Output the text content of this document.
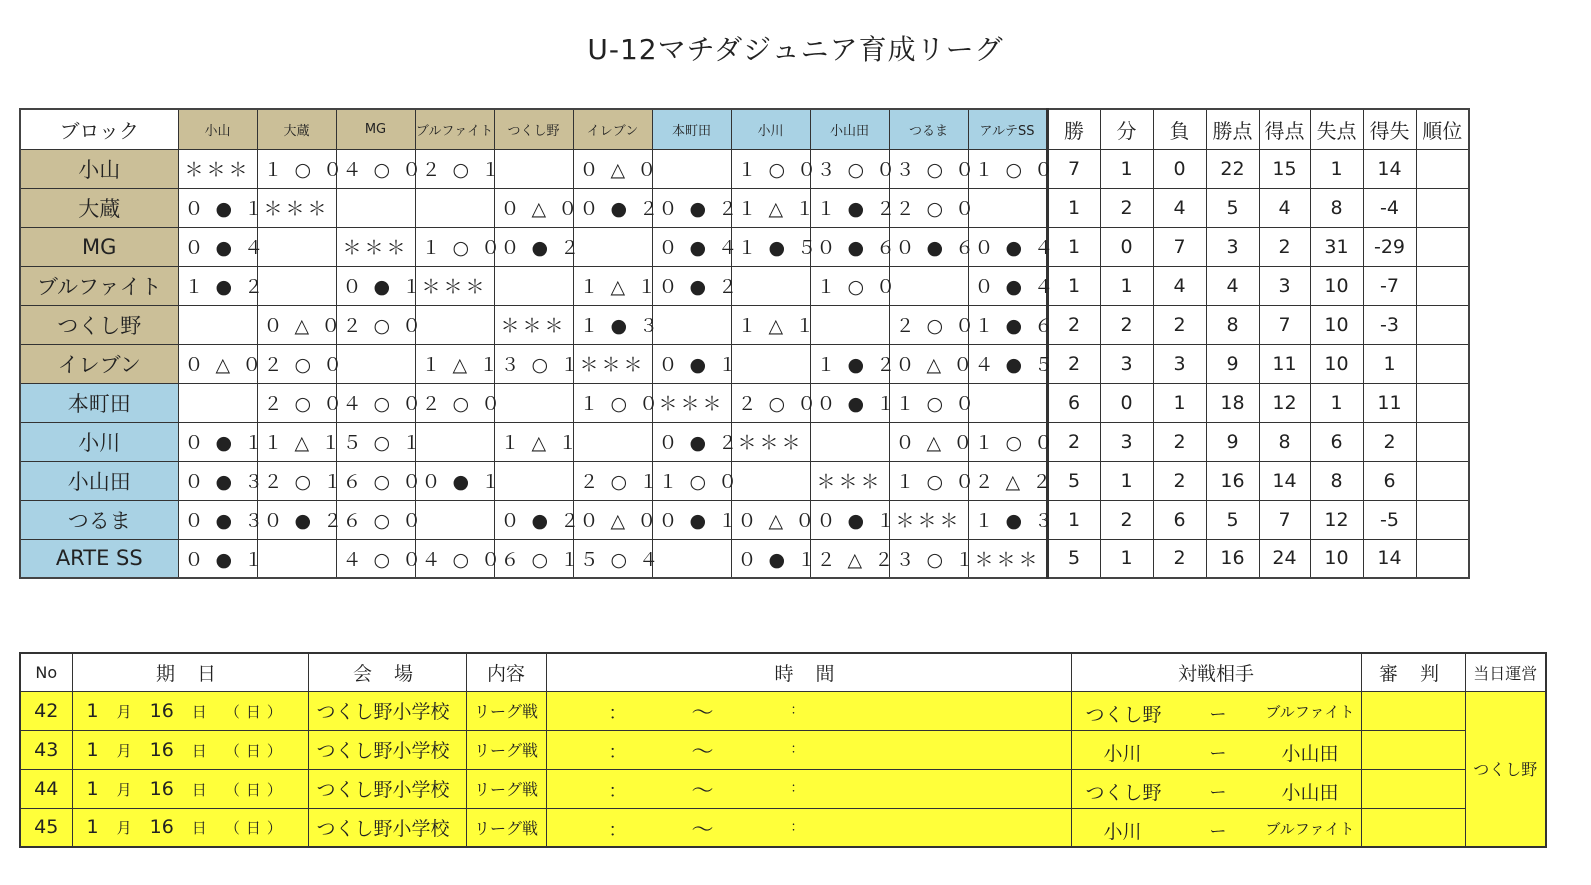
U-12マチダジュニア育成リーグ
ブロック	小山	大蔵	MG	ブルファイト	つくし野	イレブン	本町田	小川	小山田	つるま	アルテSS	勝	分	負	勝点	得点	失点	得失	順位
小山	＊＊＊	１ ○ ０	４ ○ ０	２ ○ １		０ △ ０		１ ○ ０	３ ○ ０	３ ○ ０	１ ○ ０	7	1	0	22	15	1	14	
大蔵	０ ● １	＊＊＊			０ △ ０	０ ● ２	０ ● ２	１ △ １	１ ● ２	２ ○ ０		1	2	4	5	4	8	-4	
MG	０ ● ４		＊＊＊	１ ○ ０	０ ● ２		０ ● ４	１ ● ５	０ ● ６	０ ● ６	０ ● ４	1	0	7	3	2	31	-29	
ブルファイト	１ ● ２		０ ● １	＊＊＊		１ △ １	０ ● ２		１ ○ ０		０ ● ４	1	1	4	4	3	10	-7	
つくし野		０ △ ０	２ ○ ０		＊＊＊	１ ● ３		１ △ １		２ ○ ０	１ ● ６	2	2	2	8	7	10	-3	
イレブン	０ △ ０	２ ○ ０		１ △ １	３ ○ １	＊＊＊	０ ● １		１ ● ２	０ △ ０	４ ● ５	2	3	3	9	11	10	1	
本町田		２ ○ ０	４ ○ ０	２ ○ ０		１ ○ ０	＊＊＊	２ ○ ０	０ ● １	１ ○ ０		6	0	1	18	12	1	11	
小川	０ ● １	１ △ １	５ ○ １		１ △ １		０ ● ２	＊＊＊		０ △ ０	１ ○ ０	2	3	2	9	8	6	2	
小山田	０ ● ３	２ ○ １	６ ○ ０	０ ● １		２ ○ １	１ ○ ０		＊＊＊	１ ○ ０	２ △ ２	5	1	2	16	14	8	6	
つるま	０ ● ３	０ ● ２	６ ○ ０		０ ● ２	０ △ ０	０ ● １	０ △ ０	０ ● １	＊＊＊	１ ● ３	1	2	6	5	7	12	-5	
ARTE SS	０ ● １		４ ○ ０	４ ○ ０	６ ○ １	５ ○ ４		０ ● １	２ △ ２	３ ○ １	＊＊＊	5	1	2	16	24	10	14	
No	期 日	会 場	内容	時 間	対戦相手	審 判	当日運営
42	1 月 16 日 （日）	つくし野小学校	リーグ戦	： 〜 ：	つくし野 ー ブルファイト		つくし野
43	1 月 16 日 （日）	つくし野小学校	リーグ戦	： 〜 ：	小川 ー 小山田		

44	1 月 16 日 （日）	つくし野小学校	リーグ戦	： 〜 ：	つくし野 ー 小山田		

45	1 月 16 日 （日）	つくし野小学校	リーグ戦	： 〜 ：	小川 ー ブルファイト		
